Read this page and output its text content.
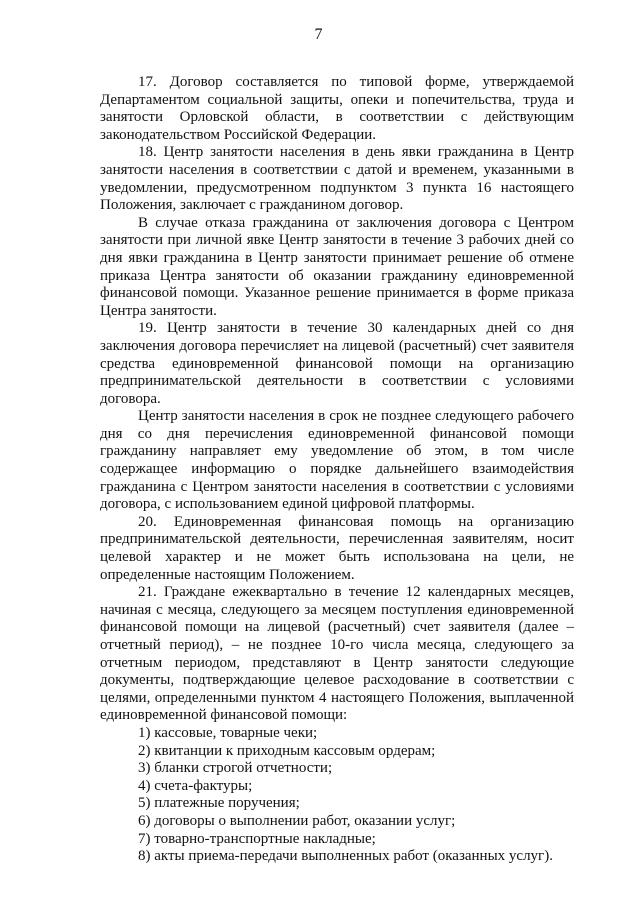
7

17. Договор составляется по типовой форме, утверждаемой Департаментом социальной защиты, опеки и попечительства, труда и занятости Орловской области, в соответствии с действующим законодательством Российской Федерации.

18. Центр занятости населения в день явки гражданина в Центр занятости населения в соответствии с датой и временем, указанными в уведомлении, предусмотренном подпунктом 3 пункта 16 настоящего Положения, заключает с гражданином договор.

В случае отказа гражданина от заключения договора с Центром занятости при личной явке Центр занятости в течение 3 рабочих дней со дня явки гражданина в Центр занятости принимает решение об отмене приказа Центра занятости об оказании гражданину единовременной финансовой помощи. Указанное решение принимается в форме приказа Центра занятости.

19. Центр занятости в течение 30 календарных дней со дня заключения договора перечисляет на лицевой (расчетный) счет заявителя средства единовременной финансовой помощи на организацию предпринимательской деятельности в соответствии с условиями договора.

Центр занятости населения в срок не позднее следующего рабочего дня со дня перечисления единовременной финансовой помощи гражданину направляет ему уведомление об этом, в том числе содержащее информацию о порядке дальнейшего взаимодействия гражданина с Центром занятости населения в соответствии с условиями договора, с использованием единой цифровой платформы.

20. Единовременная финансовая помощь на организацию предпринимательской деятельности, перечисленная заявителям, носит целевой характер и не может быть использована на цели, не определенные настоящим Положением.

21. Граждане ежеквартально в течение 12 календарных месяцев, начиная с месяца, следующего за месяцем поступления единовременной финансовой помощи на лицевой (расчетный) счет заявителя (далее – отчетный период), – не позднее 10-го числа месяца, следующего за отчетным периодом, представляют в Центр занятости следующие документы, подтверждающие целевое расходование в соответствии с целями, определенными пунктом 4 настоящего Положения, выплаченной единовременной финансовой помощи:

1) кассовые, товарные чеки;
2) квитанции к приходным кассовым ордерам;
3) бланки строгой отчетности;
4) счета-фактуры;
5) платежные поручения;
6) договоры о выполнении работ, оказании услуг;
7) товарно-транспортные накладные;
8) акты приема-передачи выполненных работ (оказанных услуг).
